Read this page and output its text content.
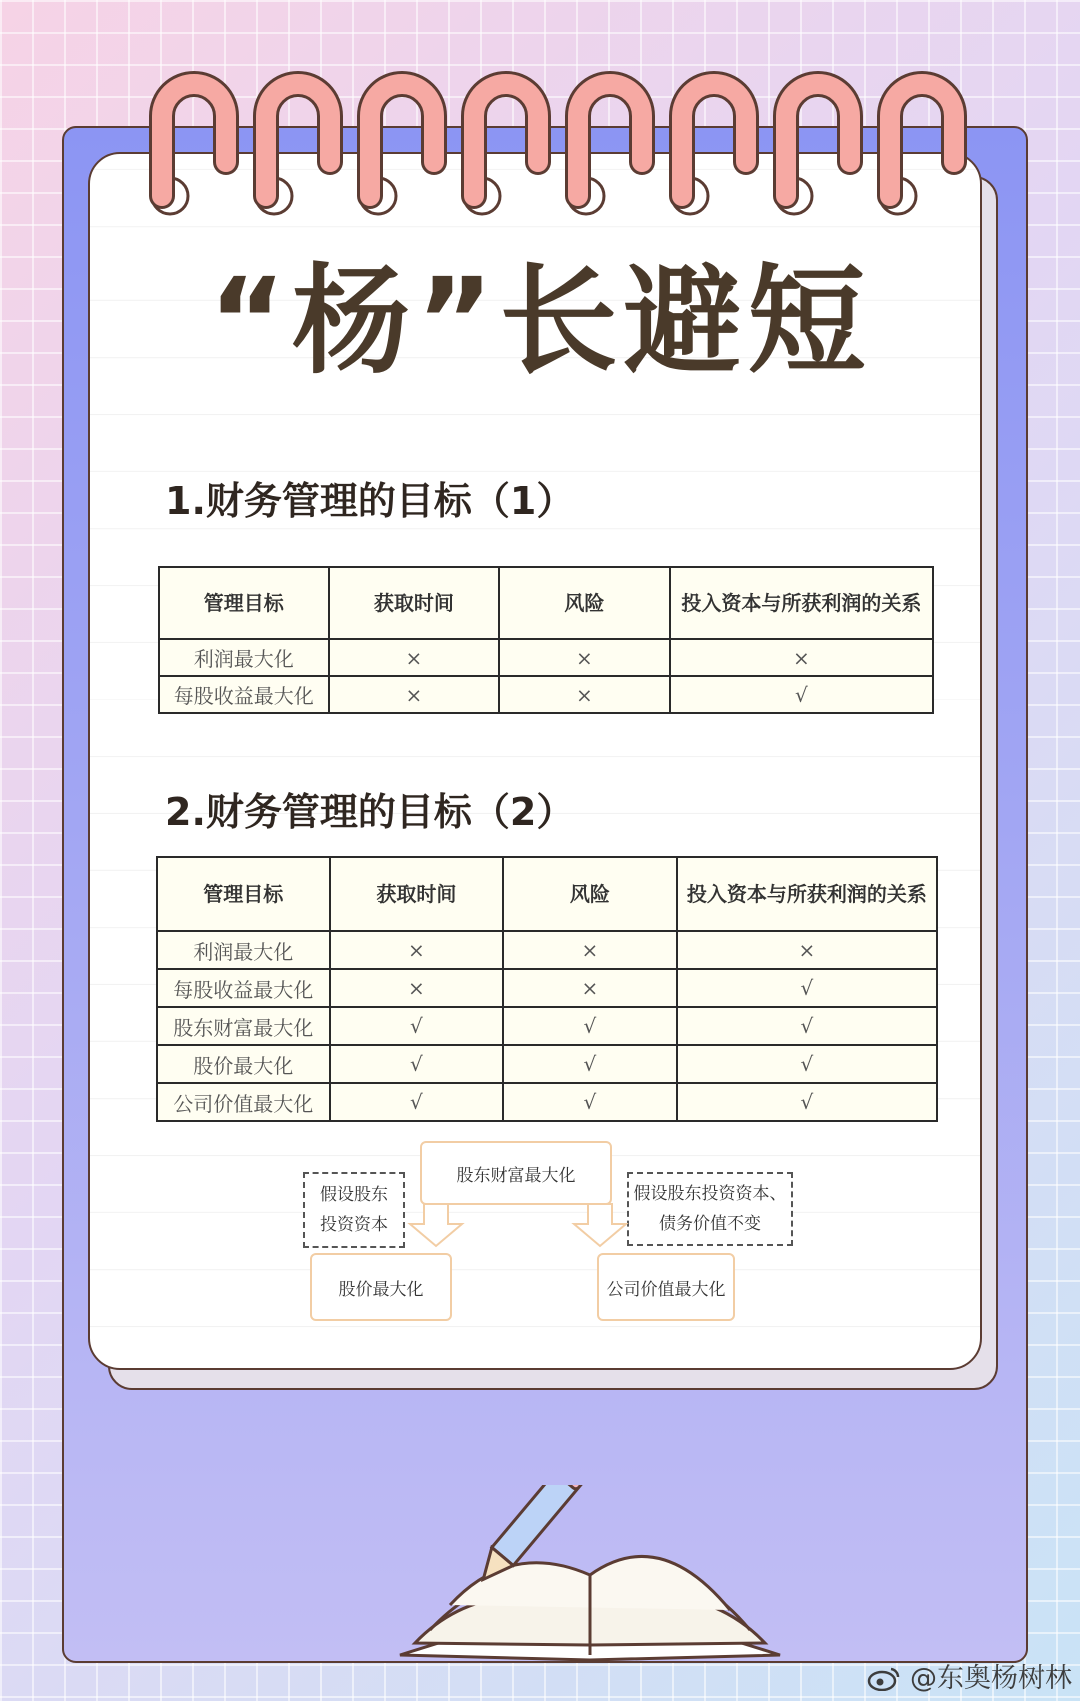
“杨”长避短
1.财务管理的目标（1）
管理目标	获取时间	风险	投入资本与所获利润的关系
利润最大化	×	×	×
每股收益最大化	×	×	√
2.财务管理的目标（2）
管理目标	获取时间	风险	投入资本与所获利润的关系
利润最大化	×	×	×
每股收益最大化	×	×	√
股东财富最大化	√	√	√
股价最大化	√	√	√
公司价值最大化	√	√	√
股东财富最大化
假设股东
投资资本
假设股东投资资本、
债务价值不变
股价最大化	公司价值最大化
@东奥杨树林
